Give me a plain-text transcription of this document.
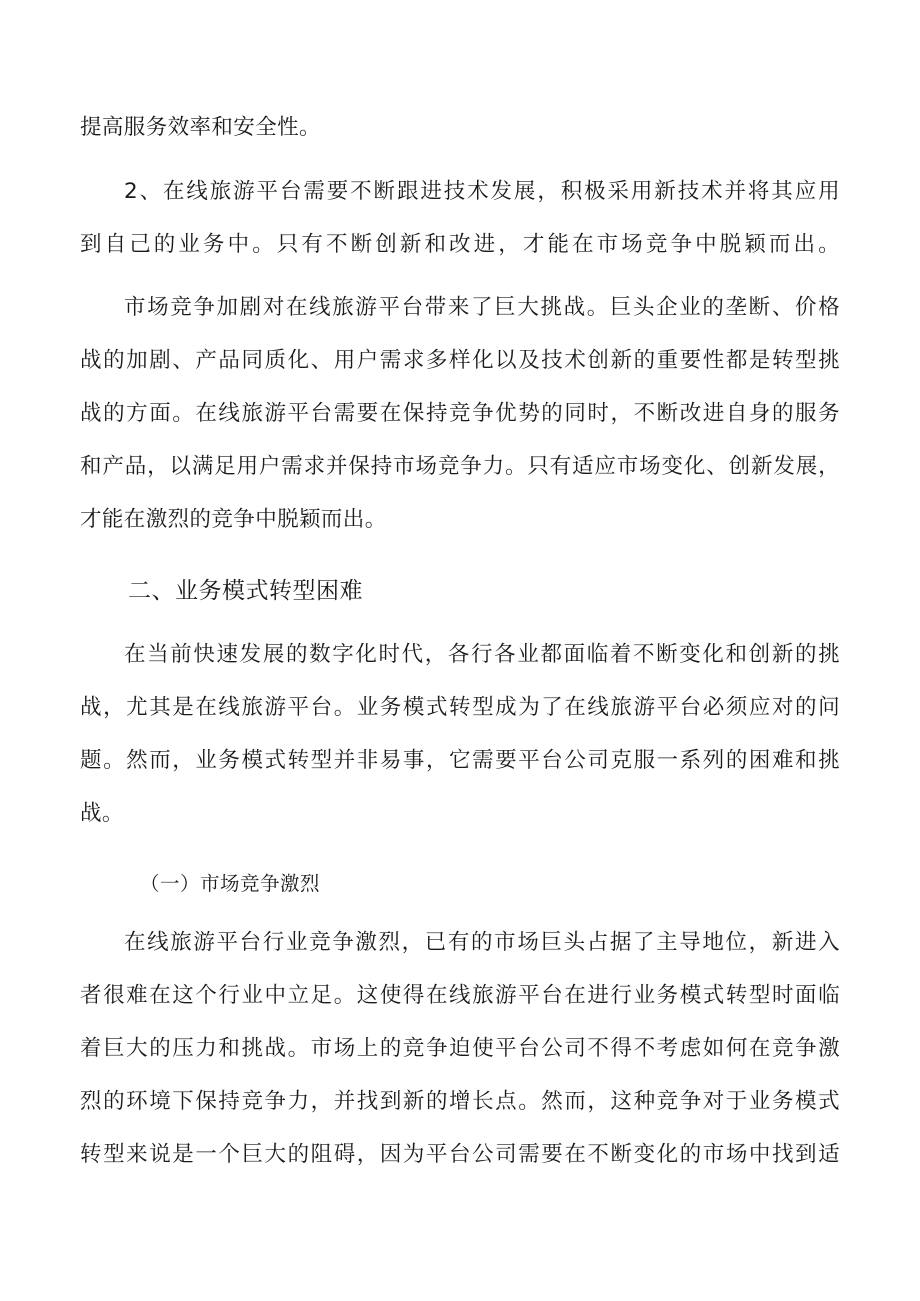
提高服务效率和安全性。
2、在线旅游平台需要不断跟进技术发展，积极采用新技术并将其应用
到自己的业务中。只有不断创新和改进，才能在市场竞争中脱颖而出。
市场竞争加剧对在线旅游平台带来了巨大挑战。巨头企业的垄断、价格
战的加剧、产品同质化、用户需求多样化以及技术创新的重要性都是转型挑
战的方面。在线旅游平台需要在保持竞争优势的同时，不断改进自身的服务
和产品，以满足用户需求并保持市场竞争力。只有适应市场变化、创新发展，
才能在激烈的竞争中脱颖而出。
二、业务模式转型困难
在当前快速发展的数字化时代，各行各业都面临着不断变化和创新的挑
战，尤其是在线旅游平台。业务模式转型成为了在线旅游平台必须应对的问
题。然而，业务模式转型并非易事，它需要平台公司克服一系列的困难和挑
战。
（一）市场竞争激烈
在线旅游平台行业竞争激烈，已有的市场巨头占据了主导地位，新进入
者很难在这个行业中立足。这使得在线旅游平台在进行业务模式转型时面临
着巨大的压力和挑战。市场上的竞争迫使平台公司不得不考虑如何在竞争激
烈的环境下保持竞争力，并找到新的增长点。然而，这种竞争对于业务模式
转型来说是一个巨大的阻碍，因为平台公司需要在不断变化的市场中找到适
